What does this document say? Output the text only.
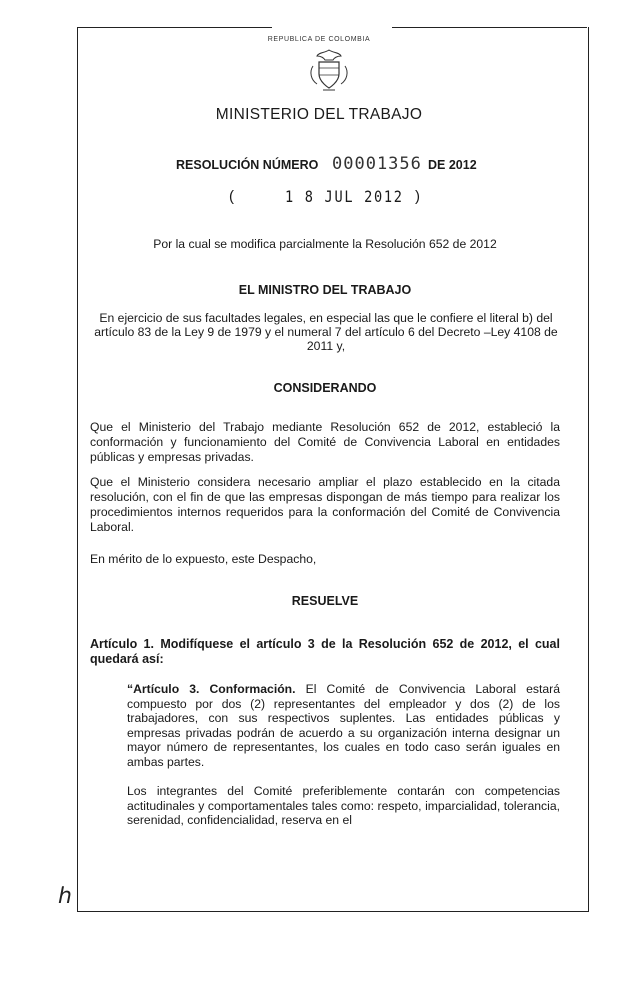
REPUBLICA DE COLOMBIA
MINISTERIO DEL TRABAJO
RESOLUCIÓN NÚMERO 00001356 DE 2012
(	1 8 JUL 2012 )
Por la cual se modifica parcialmente la Resolución 652 de 2012
EL MINISTRO DEL TRABAJO
En ejercicio de sus facultades legales, en especial las que le confiere el literal b) del artículo 83 de la Ley 9 de 1979 y el numeral 7 del artículo 6 del Decreto –Ley 4108 de 2011 y,
CONSIDERANDO
Que el Ministerio del Trabajo mediante Resolución 652 de 2012, estableció la conformación y funcionamiento del Comité de Convivencia Laboral en entidades públicas y empresas privadas.
Que el Ministerio considera necesario ampliar el plazo establecido en la citada resolución, con el fin de que las empresas dispongan de más tiempo para realizar los procedimientos internos requeridos para la conformación del Comité de Convivencia Laboral.
En mérito de lo expuesto, este Despacho,
RESUELVE
Artículo 1. Modifíquese el artículo 3 de la Resolución 652 de 2012, el cual quedará así:
“Artículo 3. Conformación. El Comité de Convivencia Laboral estará compuesto por dos (2) representantes del empleador y dos (2) de los trabajadores, con sus respectivos suplentes. Las entidades públicas y empresas privadas podrán de acuerdo a su organización interna designar un mayor número de representantes, los cuales en todo caso serán iguales en ambas partes.
Los integrantes del Comité preferiblemente contarán con competencias actitudinales y comportamentales tales como: respeto, imparcialidad, tolerancia, serenidad, confidencialidad, reserva en el
ℎ
